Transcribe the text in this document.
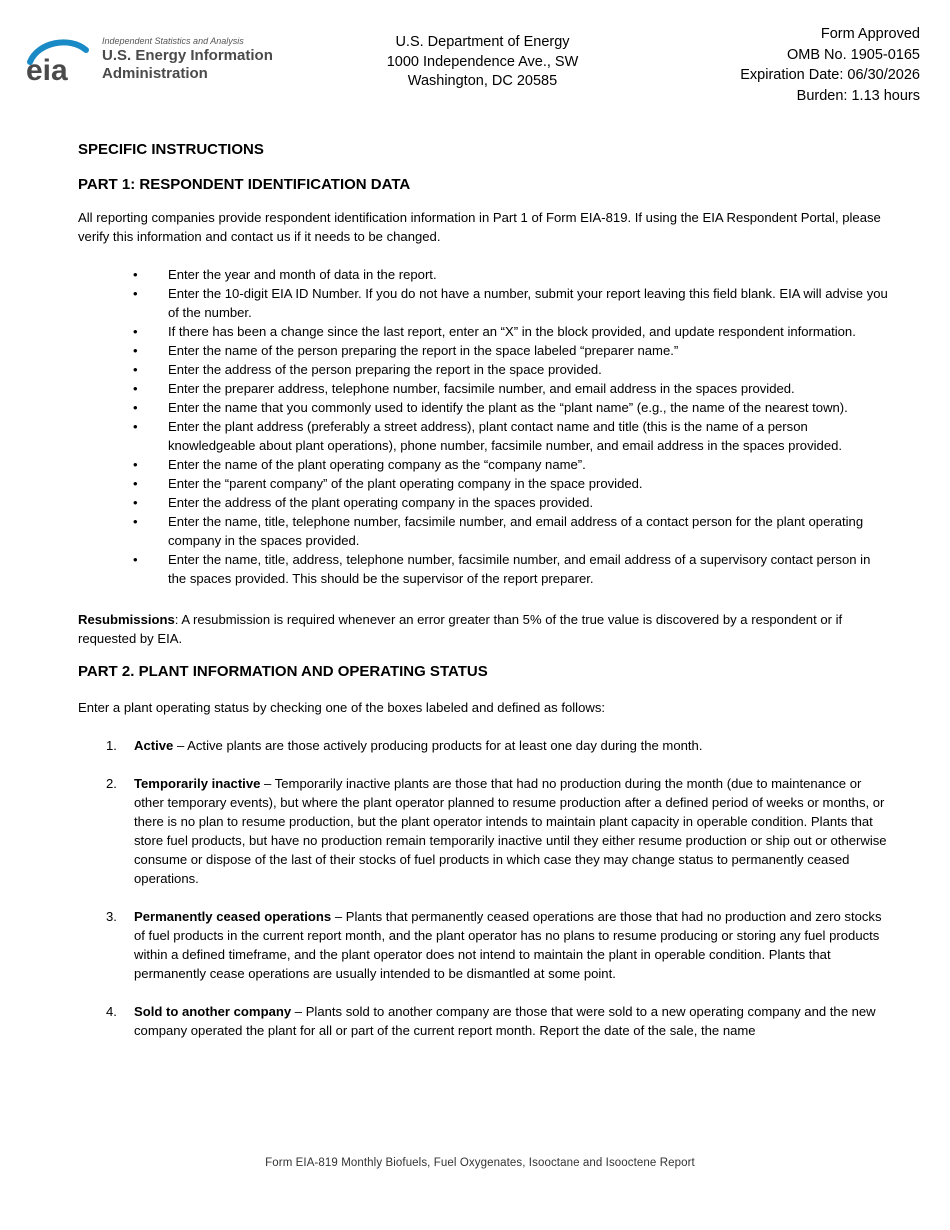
eia
Independent Statistics and Analysis
U.S. Energy Information
Administration
U.S. Department of Energy
1000 Independence Ave., SW
Washington, DC 20585
Form Approved
OMB No. 1905-0165
Expiration Date: 06/30/2026
Burden: 1.13 hours
SPECIFIC INSTRUCTIONS
PART 1: RESPONDENT IDENTIFICATION DATA

All reporting companies provide respondent identification information in Part 1 of Form EIA-819. If using the EIA Respondent Portal, please verify this information and contact us if it needs to be changed.

• Enter the year and month of data in the report.
• Enter the 10-digit EIA ID Number. If you do not have a number, submit your report leaving this field blank. EIA will advise you of the number.
• If there has been a change since the last report, enter an “X” in the block provided, and update respondent information.
• Enter the name of the person preparing the report in the space labeled “preparer name.”
• Enter the address of the person preparing the report in the space provided.
• Enter the preparer address, telephone number, facsimile number, and email address in the spaces provided.
• Enter the name that you commonly used to identify the plant as the “plant name” (e.g., the name of the nearest town).
• Enter the plant address (preferably a street address), plant contact name and title (this is the name of a person knowledgeable about plant operations), phone number, facsimile number, and email address in the spaces provided.
• Enter the name of the plant operating company as the “company name”.
• Enter the “parent company” of the plant operating company in the space provided.
• Enter the address of the plant operating company in the spaces provided.
• Enter the name, title, telephone number, facsimile number, and email address of a contact person for the plant operating company in the spaces provided.
• Enter the name, title, address, telephone number, facsimile number, and email address of a supervisory contact person in the spaces provided. This should be the supervisor of the report preparer.

Resubmissions: A resubmission is required whenever an error greater than 5% of the true value is discovered by a respondent or if requested by EIA.

PART 2. PLANT INFORMATION AND OPERATING STATUS

Enter a plant operating status by checking one of the boxes labeled and defined as follows:

1. Active – Active plants are those actively producing products for at least one day during the month.
2. Temporarily inactive – Temporarily inactive plants are those that had no production during the month (due to maintenance or other temporary events), but where the plant operator planned to resume production after a defined period of weeks or months, or there is no plan to resume production, but the plant operator intends to maintain plant capacity in operable condition. Plants that store fuel products, but have no production remain temporarily inactive until they either resume production or ship out or otherwise consume or dispose of the last of their stocks of fuel products in which case they may change status to permanently ceased operations.
3. Permanently ceased operations – Plants that permanently ceased operations are those that had no production and zero stocks of fuel products in the current report month, and the plant operator has no plans to resume producing or storing any fuel products within a defined timeframe, and the plant operator does not intend to maintain the plant in operable condition. Plants that permanently cease operations are usually intended to be dismantled at some point.
4. Sold to another company – Plants sold to another company are those that were sold to a new operating company and the new company operated the plant for all or part of the current report month. Report the date of the sale, the name
Form EIA-819 Monthly Biofuels, Fuel Oxygenates, Isooctane and Isooctene Report
